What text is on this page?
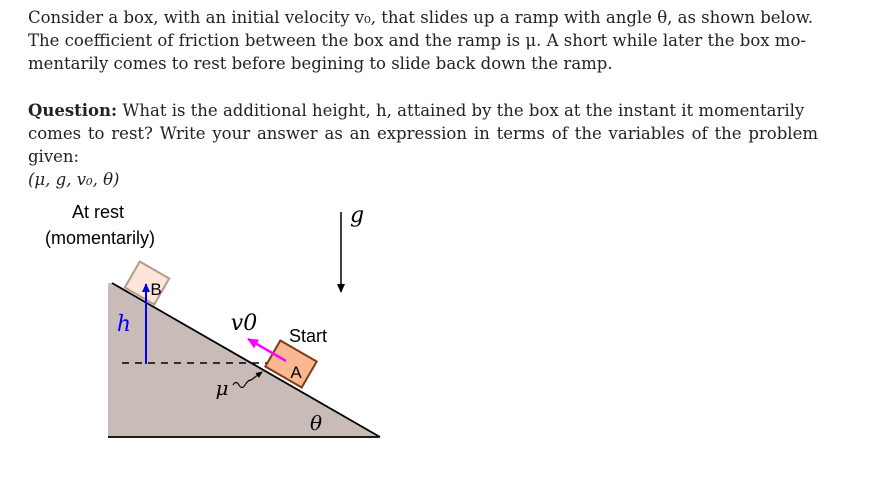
Consider a box, with an initial velocity v₀, that slides up a ramp with angle θ, as shown below.
The coefficient of friction between the box and the ramp is μ. A short while later the box mo-
mentarily comes to rest before begining to slide back down the ramp.
Question: What is the additional height, h, attained by the box at the instant it momentarily
comes to rest? Write your answer as an expression in terms of the variables of the problem given:
(μ, g, v₀, θ)
B
h
A
v0
μ
Start
θ
g
At rest
(momentarily)
